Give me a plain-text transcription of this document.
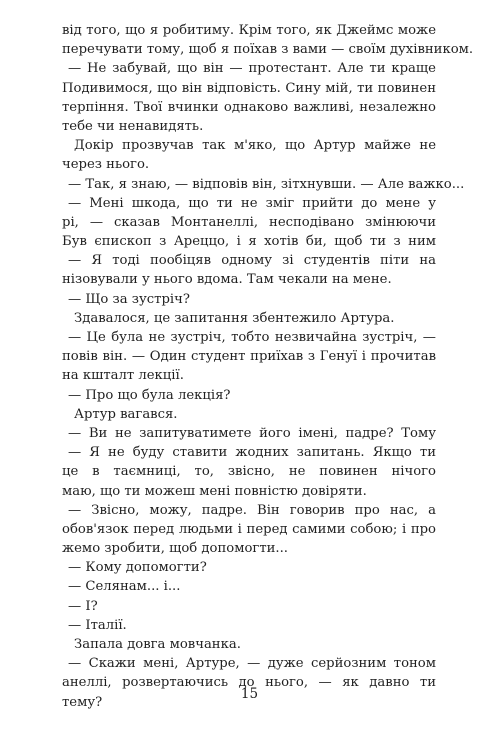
від того, що я робитиму. Крім того, як Джеймс може
перечувати тому, щоб я поїхав з вами — своїм духівником.
— Не забувай, що він — протестант. Але ти краще
Подивимося, що він відповість. Сину мій, ти повинен
терпіння. Твої вчинки однаково важливі, незалежно
тебе чи ненавидять.
Докір прозвучав так м'яко, що Артур майже не
через нього.
— Так, я знаю, — відповів він, зітхнувши. — Але важко...
— Мені шкода, що ти не зміг прийти до мене у
рі, — сказав Монтанеллі, несподівано змінюючи
Був єпископ з Ареццо, і я хотів би, щоб ти з ним
— Я тоді пообіцяв одному зі студентів піти на
нізовували у нього вдома. Там чекали на мене.
— Що за зустріч?
Здавалося, це запитання збентежило Артура.
— Це була не зустріч, тобто незвичайна зустріч, —
повів він. — Один студент приїхав з Генуї і прочитав
на кшталт лекції.
— Про що була лекція?
Артур вагався.
— Ви не запитуватимете його імені, падре? Тому
— Я не буду ставити жодних запитань. Якщо ти
це в таємниці, то, звісно, не повинен нічого
маю, що ти можеш мені повністю довіряти.
— Звісно, можу, падре. Він говорив про нас, а
обов'язок перед людьми і перед самими собою; і про
жемо зробити, щоб допомогти...
— Кому допомогти?
— Селянам... і...
— І?
— Італії.
Запала довга мовчанка.
— Скажи мені, Артуре, — дуже серйозним тоном
анеллі, розвертаючись до нього, — як давно ти
тему?
15
